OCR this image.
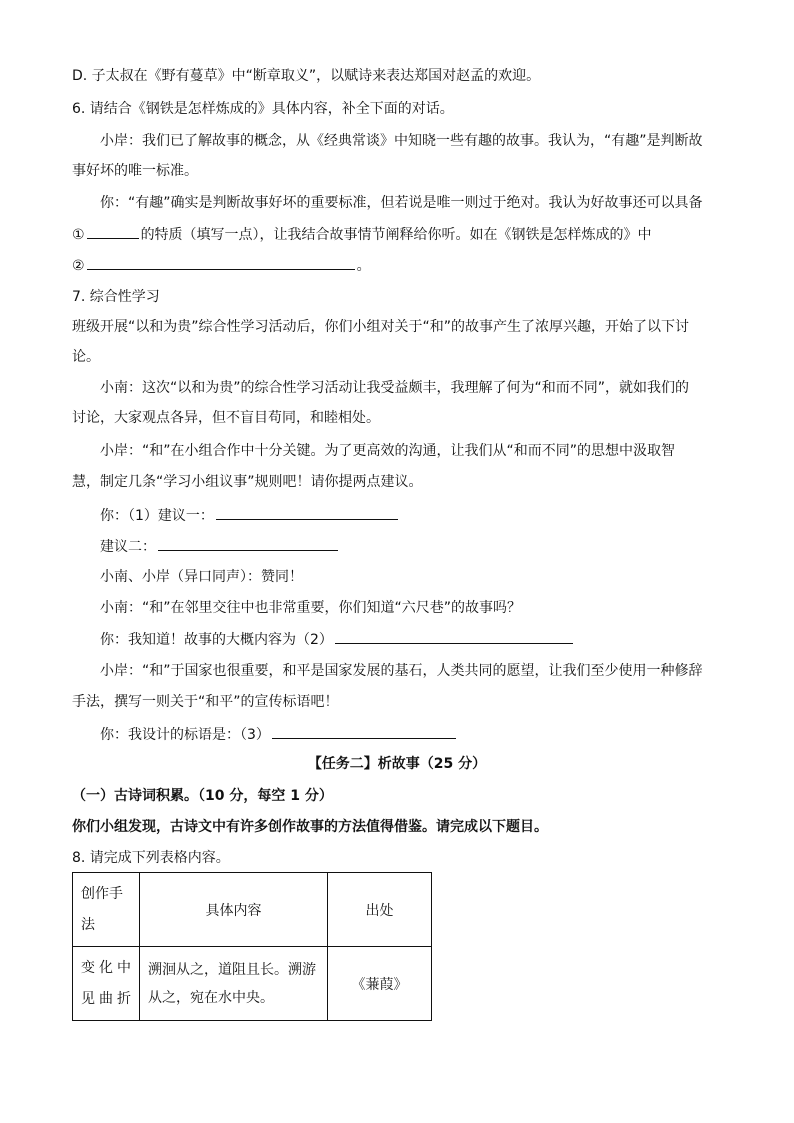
D. 子太叔在《野有蔓草》中“断章取义”，以赋诗来表达郑国对赵孟的欢迎。
6. 请结合《钢铁是怎样炼成的》具体内容，补全下面的对话。
小岸：我们已了解故事的概念，从《经典常谈》中知晓一些有趣的故事。我认为，“有趣”是判断故
事好坏的唯一标准。
你：“有趣”确实是判断故事好坏的重要标准，但若说是唯一则过于绝对。我认为好故事还可以具备
①	的特质（填写一点），让我结合故事情节阐释给你听。如在《钢铁是怎样炼成的》中
②	。
7. 综合性学习
班级开展“以和为贵”综合性学习活动后，你们小组对关于“和”的故事产生了浓厚兴趣，开始了以下讨
论。
小南：这次“以和为贵”的综合性学习活动让我受益颇丰，我理解了何为“和而不同”，就如我们的
讨论，大家观点各异，但不盲目苟同，和睦相处。
小岸：“和”在小组合作中十分关键。为了更高效的沟通，让我们从“和而不同”的思想中汲取智
慧，制定几条“学习小组议事”规则吧！请你提两点建议。
你：（1）建议一：
建议二：
小南、小岸（异口同声）：赞同！
小南：“和”在邻里交往中也非常重要，你们知道“六尺巷”的故事吗？
你：我知道！故事的大概内容为（2）
小岸：“和”于国家也很重要，和平是国家发展的基石，人类共同的愿望，让我们至少使用一种修辞
手法，撰写一则关于“和平”的宣传标语吧！
你：我设计的标语是：（3）
【任务二】析故事（25 分）
（一）古诗词积累。（10 分，每空 1 分）
你们小组发现，古诗文中有许多创作故事的方法值得借鉴。请完成以下题目。
8. 请完成下列表格内容。
创作手法	具体内容	出处
变化中见曲折	溯洄从之，道阻且长。溯游从之，宛在水中央。	《蒹葭》
